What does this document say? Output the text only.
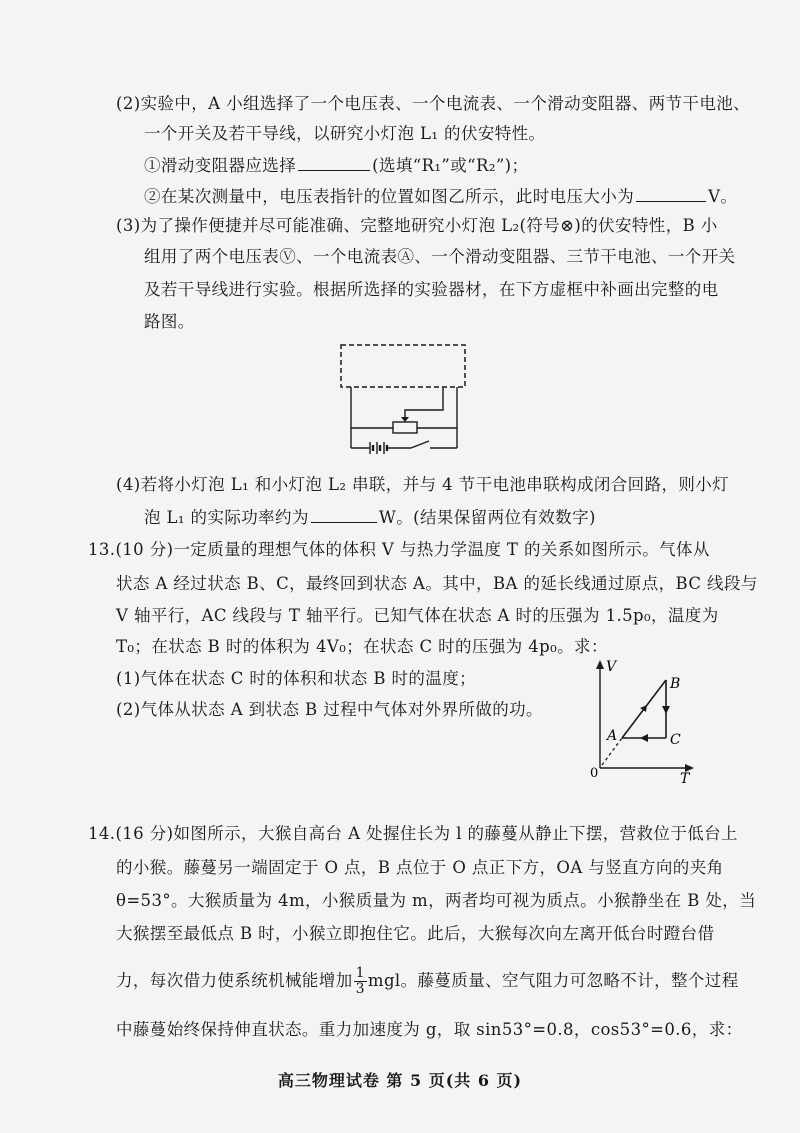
(2)实验中，A 小组选择了一个电压表、一个电流表、一个滑动变阻器、两节干电池、
一个开关及若干导线，以研究小灯泡 L₁ 的伏安特性。
①滑动变阻器应选择	(选填“R₁”或“R₂”)；
②在某次测量中，电压表指针的位置如图乙所示，此时电压大小为	V。
(3)为了操作便捷并尽可能准确、完整地研究小灯泡 L₂(符号⊗)的伏安特性，B 小
组用了两个电压表Ⓥ、一个电流表Ⓐ、一个滑动变阻器、三节干电池、一个开关
及若干导线进行实验。根据所选择的实验器材，在下方虚框中补画出完整的电
路图。
(4)若将小灯泡 L₁ 和小灯泡 L₂ 串联，并与 4 节干电池串联构成闭合回路，则小灯
泡 L₁ 的实际功率约为	W。(结果保留两位有效数字)
13.(10 分)一定质量的理想气体的体积 V 与热力学温度 T 的关系如图所示。气体从
状态 A 经过状态 B、C，最终回到状态 A。其中，BA 的延长线通过原点，BC 线段与
V 轴平行，AC 线段与 T 轴平行。已知气体在状态 A 时的压强为 1.5p₀，温度为
T₀；在状态 B 时的体积为 4V₀；在状态 C 时的压强为 4p₀。求：
(1)气体在状态 C 时的体积和状态 B 时的温度；
(2)气体从状态 A 到状态 B 过程中气体对外界所做的功。
V
T
0
A
B
C
14.(16 分)如图所示，大猴自高台 A 处握住长为 l 的藤蔓从静止下摆，营救位于低台上
的小猴。藤蔓另一端固定于 O 点，B 点位于 O 点正下方，OA 与竖直方向的夹角
θ=53°。大猴质量为 4m，小猴质量为 m，两者均可视为质点。小猴静坐在 B 处，当
大猴摆至最低点 B 时，小猴立即抱住它。此后，大猴每次向左离开低台时蹬台借
力，每次借力使系统机械能增加 $\frac{1}{3}$ mgl。藤蔓质量、空气阻力可忽略不计，整个过程
中藤蔓始终保持伸直状态。重力加速度为 g，取 sin53°=0.8，cos53°=0.6，求：
高三物理试卷 第 5 页(共 6 页)
